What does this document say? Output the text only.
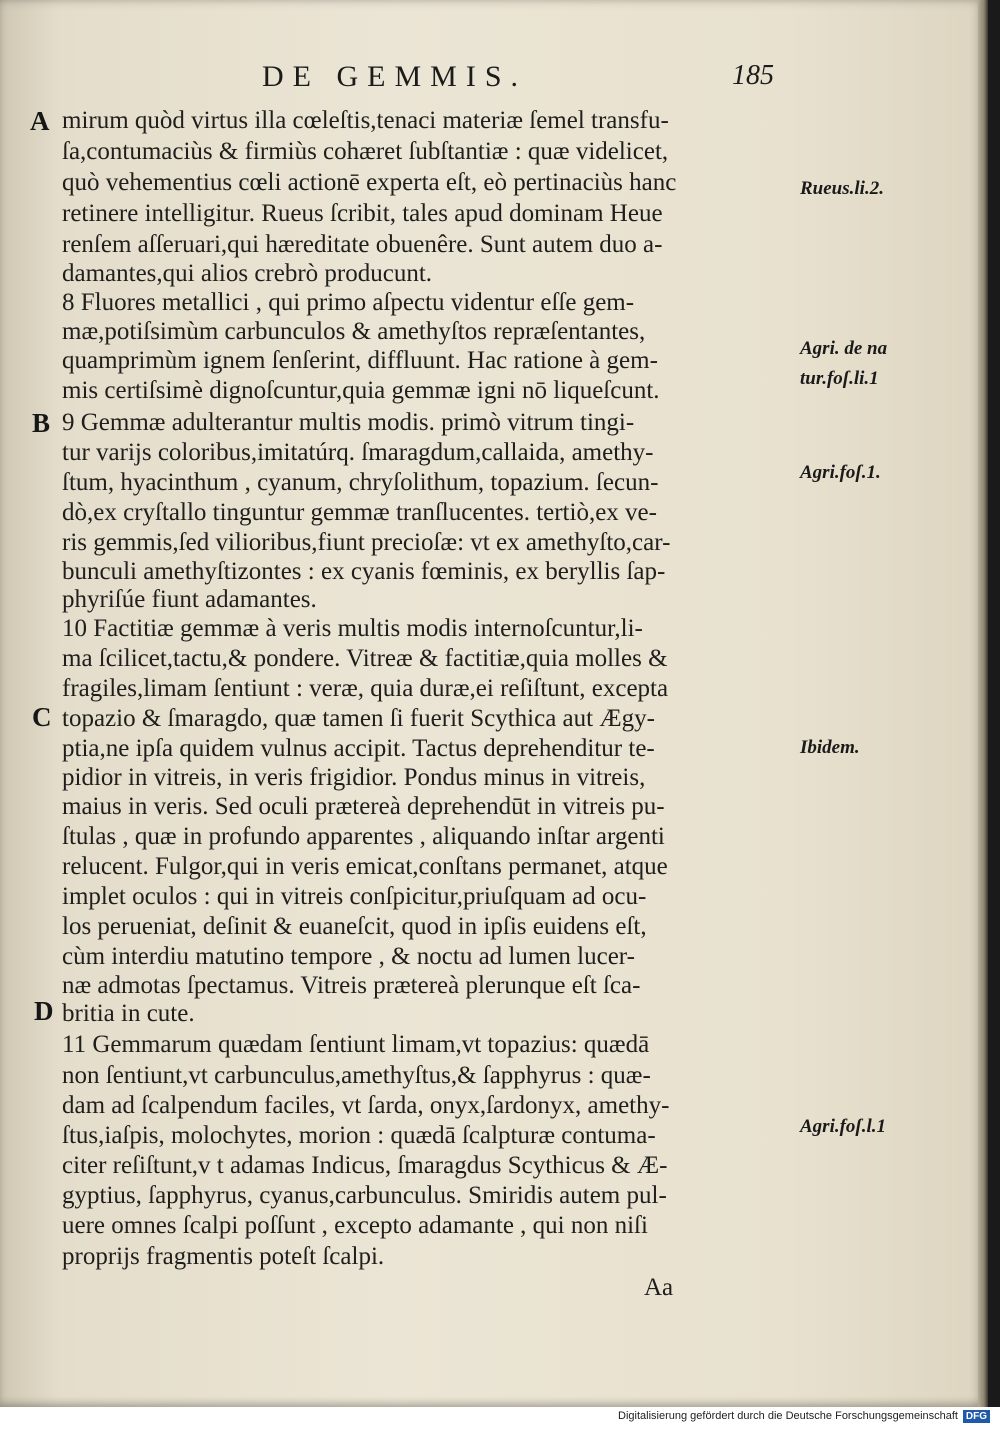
DE GEMMIS.	185
A
B
C
D
mirum quòd virtus illa cœleſtis,tenaci materiæ ſemel transfu-
ſa,contumaciùs & firmiùs cohæret ſubſtantiæ : quæ videlicet,
quò vehementius cœli actionē experta eſt, eò pertinaciùs hanc
retinere intelligitur. Rueus ſcribit, tales apud dominam Heue
renſem aſſeruari,qui hæreditate obuenêre. Sunt autem duo a-
damantes,qui alios crebrò producunt.
8 Fluores metallici , qui primo aſpectu videntur eſſe gem-
mæ,potiſsimùm carbunculos & amethyſtos repræſentantes,
quamprimùm ignem ſenſerint, diffluunt. Hac ratione à gem-
mis certiſsimè dignoſcuntur,quia gemmæ igni nō liqueſcunt.
9 Gemmæ adulterantur multis modis. primò vitrum tingi-
tur varijs coloribus,imitatúrq. ſmaragdum,callaida, amethy-
ſtum, hyacinthum , cyanum, chryſolithum, topazium. ſecun-
dò,ex cryſtallo tinguntur gemmæ tranſlucentes. tertiò,ex ve-
ris gemmis,ſed vilioribus,fiunt precioſæ: vt ex amethyſto,car-
bunculi amethyſtizontes : ex cyanis fœminis, ex beryllis ſap-
phyriſúe fiunt adamantes.
10 Factitiæ gemmæ à veris multis modis internoſcuntur,li-
ma ſcilicet,tactu,& pondere. Vitreæ & factitiæ,quia molles &
fragiles,limam ſentiunt : veræ, quia duræ,ei reſiſtunt, excepta
topazio & ſmaragdo, quæ tamen ſi fuerit Scythica aut Ægy-
ptia,ne ipſa quidem vulnus accipit. Tactus deprehenditur te-
pidior in vitreis, in veris frigidior. Pondus minus in vitreis,
maius in veris. Sed oculi prætereà deprehendūt in vitreis pu-
ſtulas , quæ in profundo apparentes , aliquando inſtar argenti
relucent. Fulgor,qui in veris emicat,conſtans permanet, atque
implet oculos : qui in vitreis conſpicitur,priuſquam ad ocu-
los perueniat, deſinit & euaneſcit, quod in ipſis euidens eſt,
cùm interdiu matutino tempore , & noctu ad lumen lucer-
næ admotas ſpectamus. Vitreis prætereà plerunque eſt ſca-
britia in cute.
11 Gemmarum quædam ſentiunt limam,vt topazius: quædā
non ſentiunt,vt carbunculus,amethyſtus,& ſapphyrus : quæ-
dam ad ſcalpendum faciles, vt ſarda, onyx,ſardonyx, amethy-
ſtus,iaſpis, molochytes, morion : quædā ſcalpturæ contuma-
citer reſiſtunt,v t adamas Indicus, ſmaragdus Scythicus & Æ-
gyptius, ſapphyrus, cyanus,carbunculus. Smiridis autem pul-
uere omnes ſcalpi poſſunt , excepto adamante , qui non niſi
proprijs fragmentis poteſt ſcalpi.
Rueus.li.2.
Agri. de na
tur.foſ.li.1
Agri.foſ.1.
Ibidem.
Agri.foſ.l.1
Aa
Digitalisierung gefördert durch die Deutsche Forschungsgemeinschaft DFG
